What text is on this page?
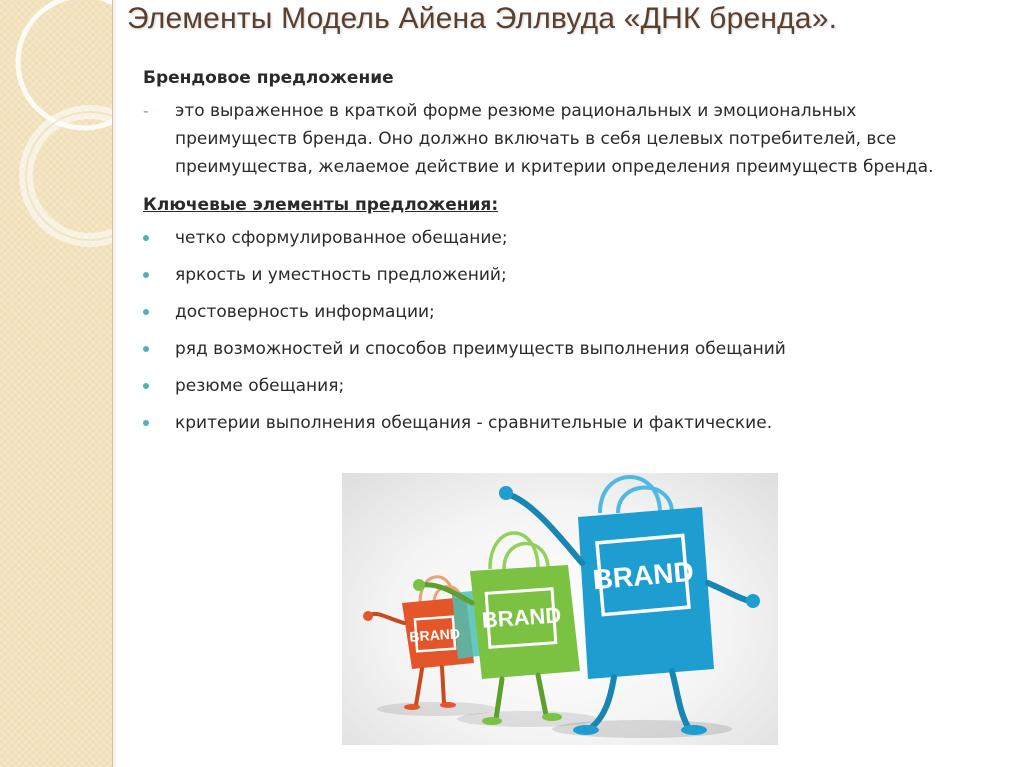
Элементы Модель Айена Эллвуда «ДНК бренда».
Брендовое предложение
-	это выраженное в краткой форме резюме рациональных и эмоциональных преимуществ бренда. Оно должно включать в себя целевых потребителей, все преимущества, желаемое действие и критерии определения преимуществ бренда.
Ключевые элементы предложения:
четко сформулированное обещание;
яркость и уместность предложений;
достоверность информации;
ряд возможностей и способов преимуществ выполнения обещаний
резюме обещания;
критерии выполнения обещания - сравнительные и фактические.
BRAND
BRAND
BRAND
